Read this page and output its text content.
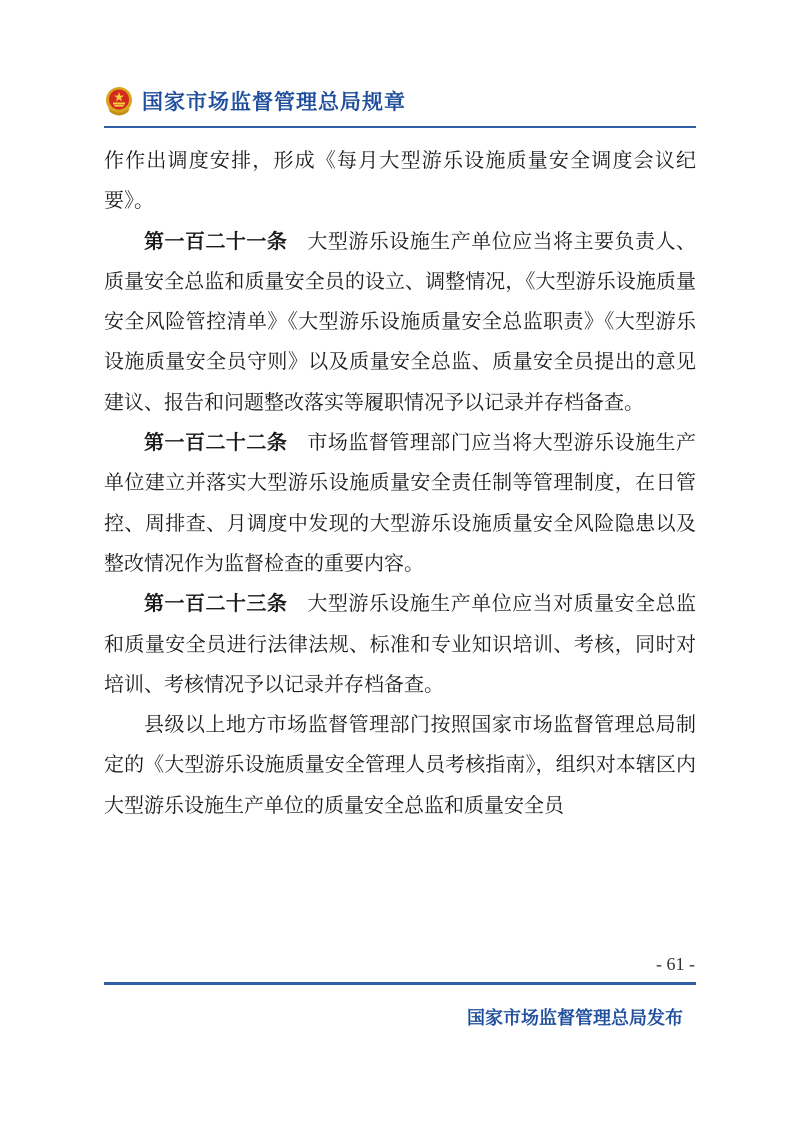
国家市场监督管理总局规章

作作出调度安排，形成《每月大型游乐设施质量安全调度会议纪要》。

第一百二十一条 大型游乐设施生产单位应当将主要负责人、质量安全总监和质量安全员的设立、调整情况，《大型游乐设施质量安全风险管控清单》《大型游乐设施质量安全总监职责》《大型游乐设施质量安全员守则》以及质量安全总监、质量安全员提出的意见建议、报告和问题整改落实等履职情况予以记录并存档备查。

第一百二十二条 市场监督管理部门应当将大型游乐设施生产单位建立并落实大型游乐设施质量安全责任制等管理制度，在日管控、周排查、月调度中发现的大型游乐设施质量安全风险隐患以及整改情况作为监督检查的重要内容。

第一百二十三条 大型游乐设施生产单位应当对质量安全总监和质量安全员进行法律法规、标准和专业知识培训、考核，同时对培训、考核情况予以记录并存档备查。

县级以上地方市场监督管理部门按照国家市场监督管理总局制定的《大型游乐设施质量安全管理人员考核指南》，组织对本辖区内大型游乐设施生产单位的质量安全总监和质量安全员

- 61 -
国家市场监督管理总局发布
